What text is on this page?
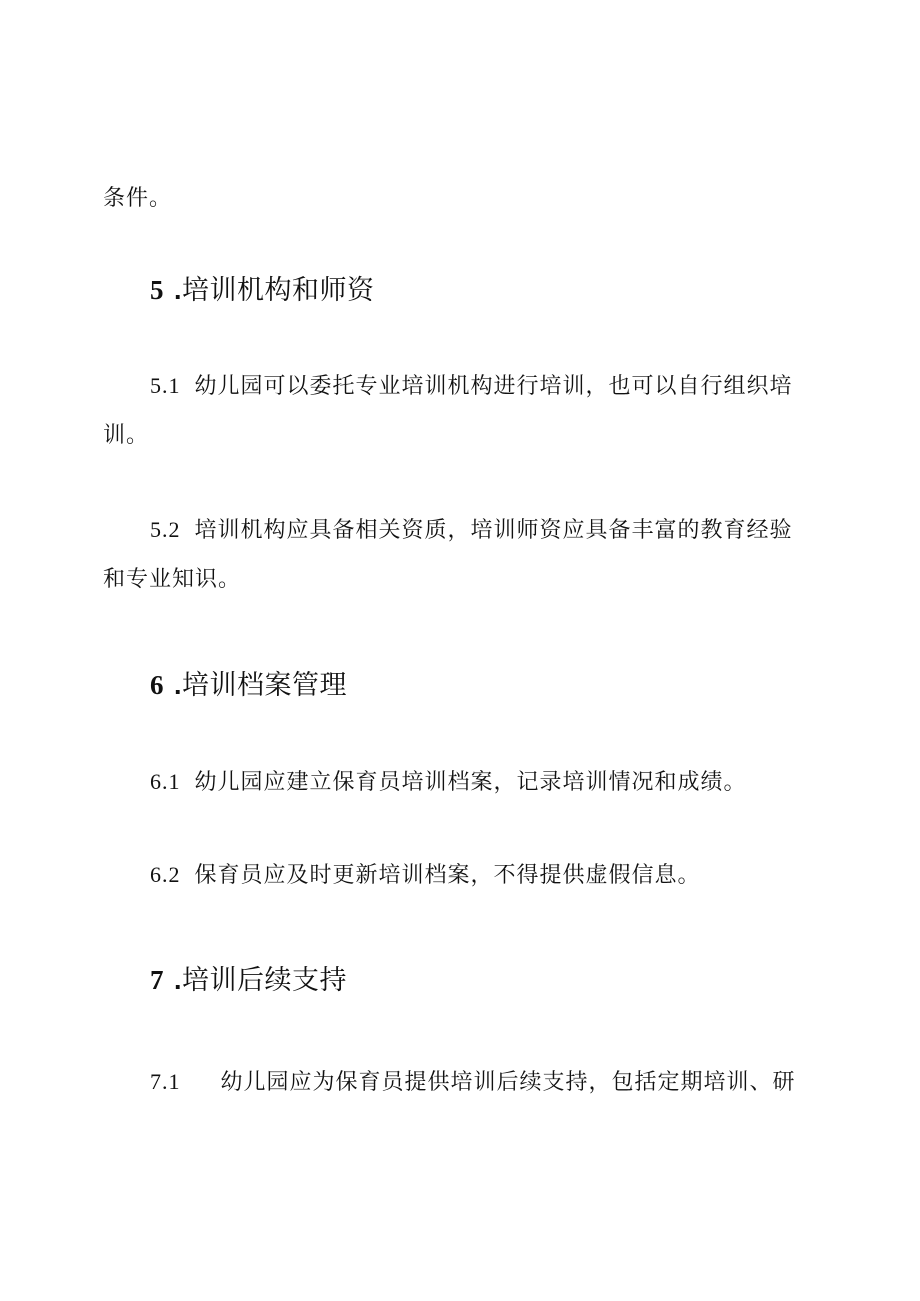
条件。
5 .培训机构和师资
5.1 幼儿园可以委托专业培训机构进行培训，也可以自行组织培
训。
5.2 培训机构应具备相关资质，培训师资应具备丰富的教育经验
和专业知识。
6 .培训档案管理
6.1 幼儿园应建立保育员培训档案，记录培训情况和成绩。
6.2 保育员应及时更新培训档案，不得提供虚假信息。
7 .培训后续支持
7.1 幼儿园应为保育员提供培训后续支持，包括定期培训、研
